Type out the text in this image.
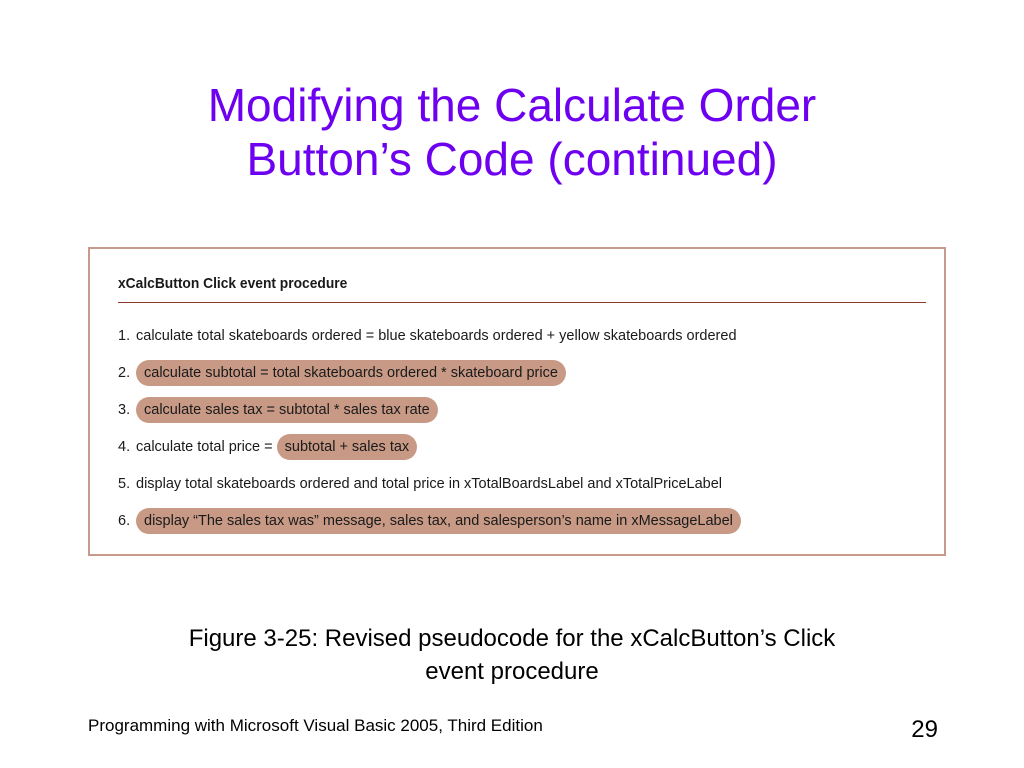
Modifying the Calculate Order
Button’s Code (continued)
xCalcButton Click event procedure
1. calculate total skateboards ordered = blue skateboards ordered + yellow skateboards ordered
2. calculate subtotal = total skateboards ordered * skateboard price
3. calculate sales tax = subtotal * sales tax rate
4. calculate total price = subtotal + sales tax
5. display total skateboards ordered and total price in xTotalBoardsLabel and xTotalPriceLabel
6. display “The sales tax was” message, sales tax, and salesperson’s name in xMessageLabel
Figure 3-25: Revised pseudocode for the xCalcButton’s Click
event procedure
Programming with Microsoft Visual Basic 2005, Third Edition	29
